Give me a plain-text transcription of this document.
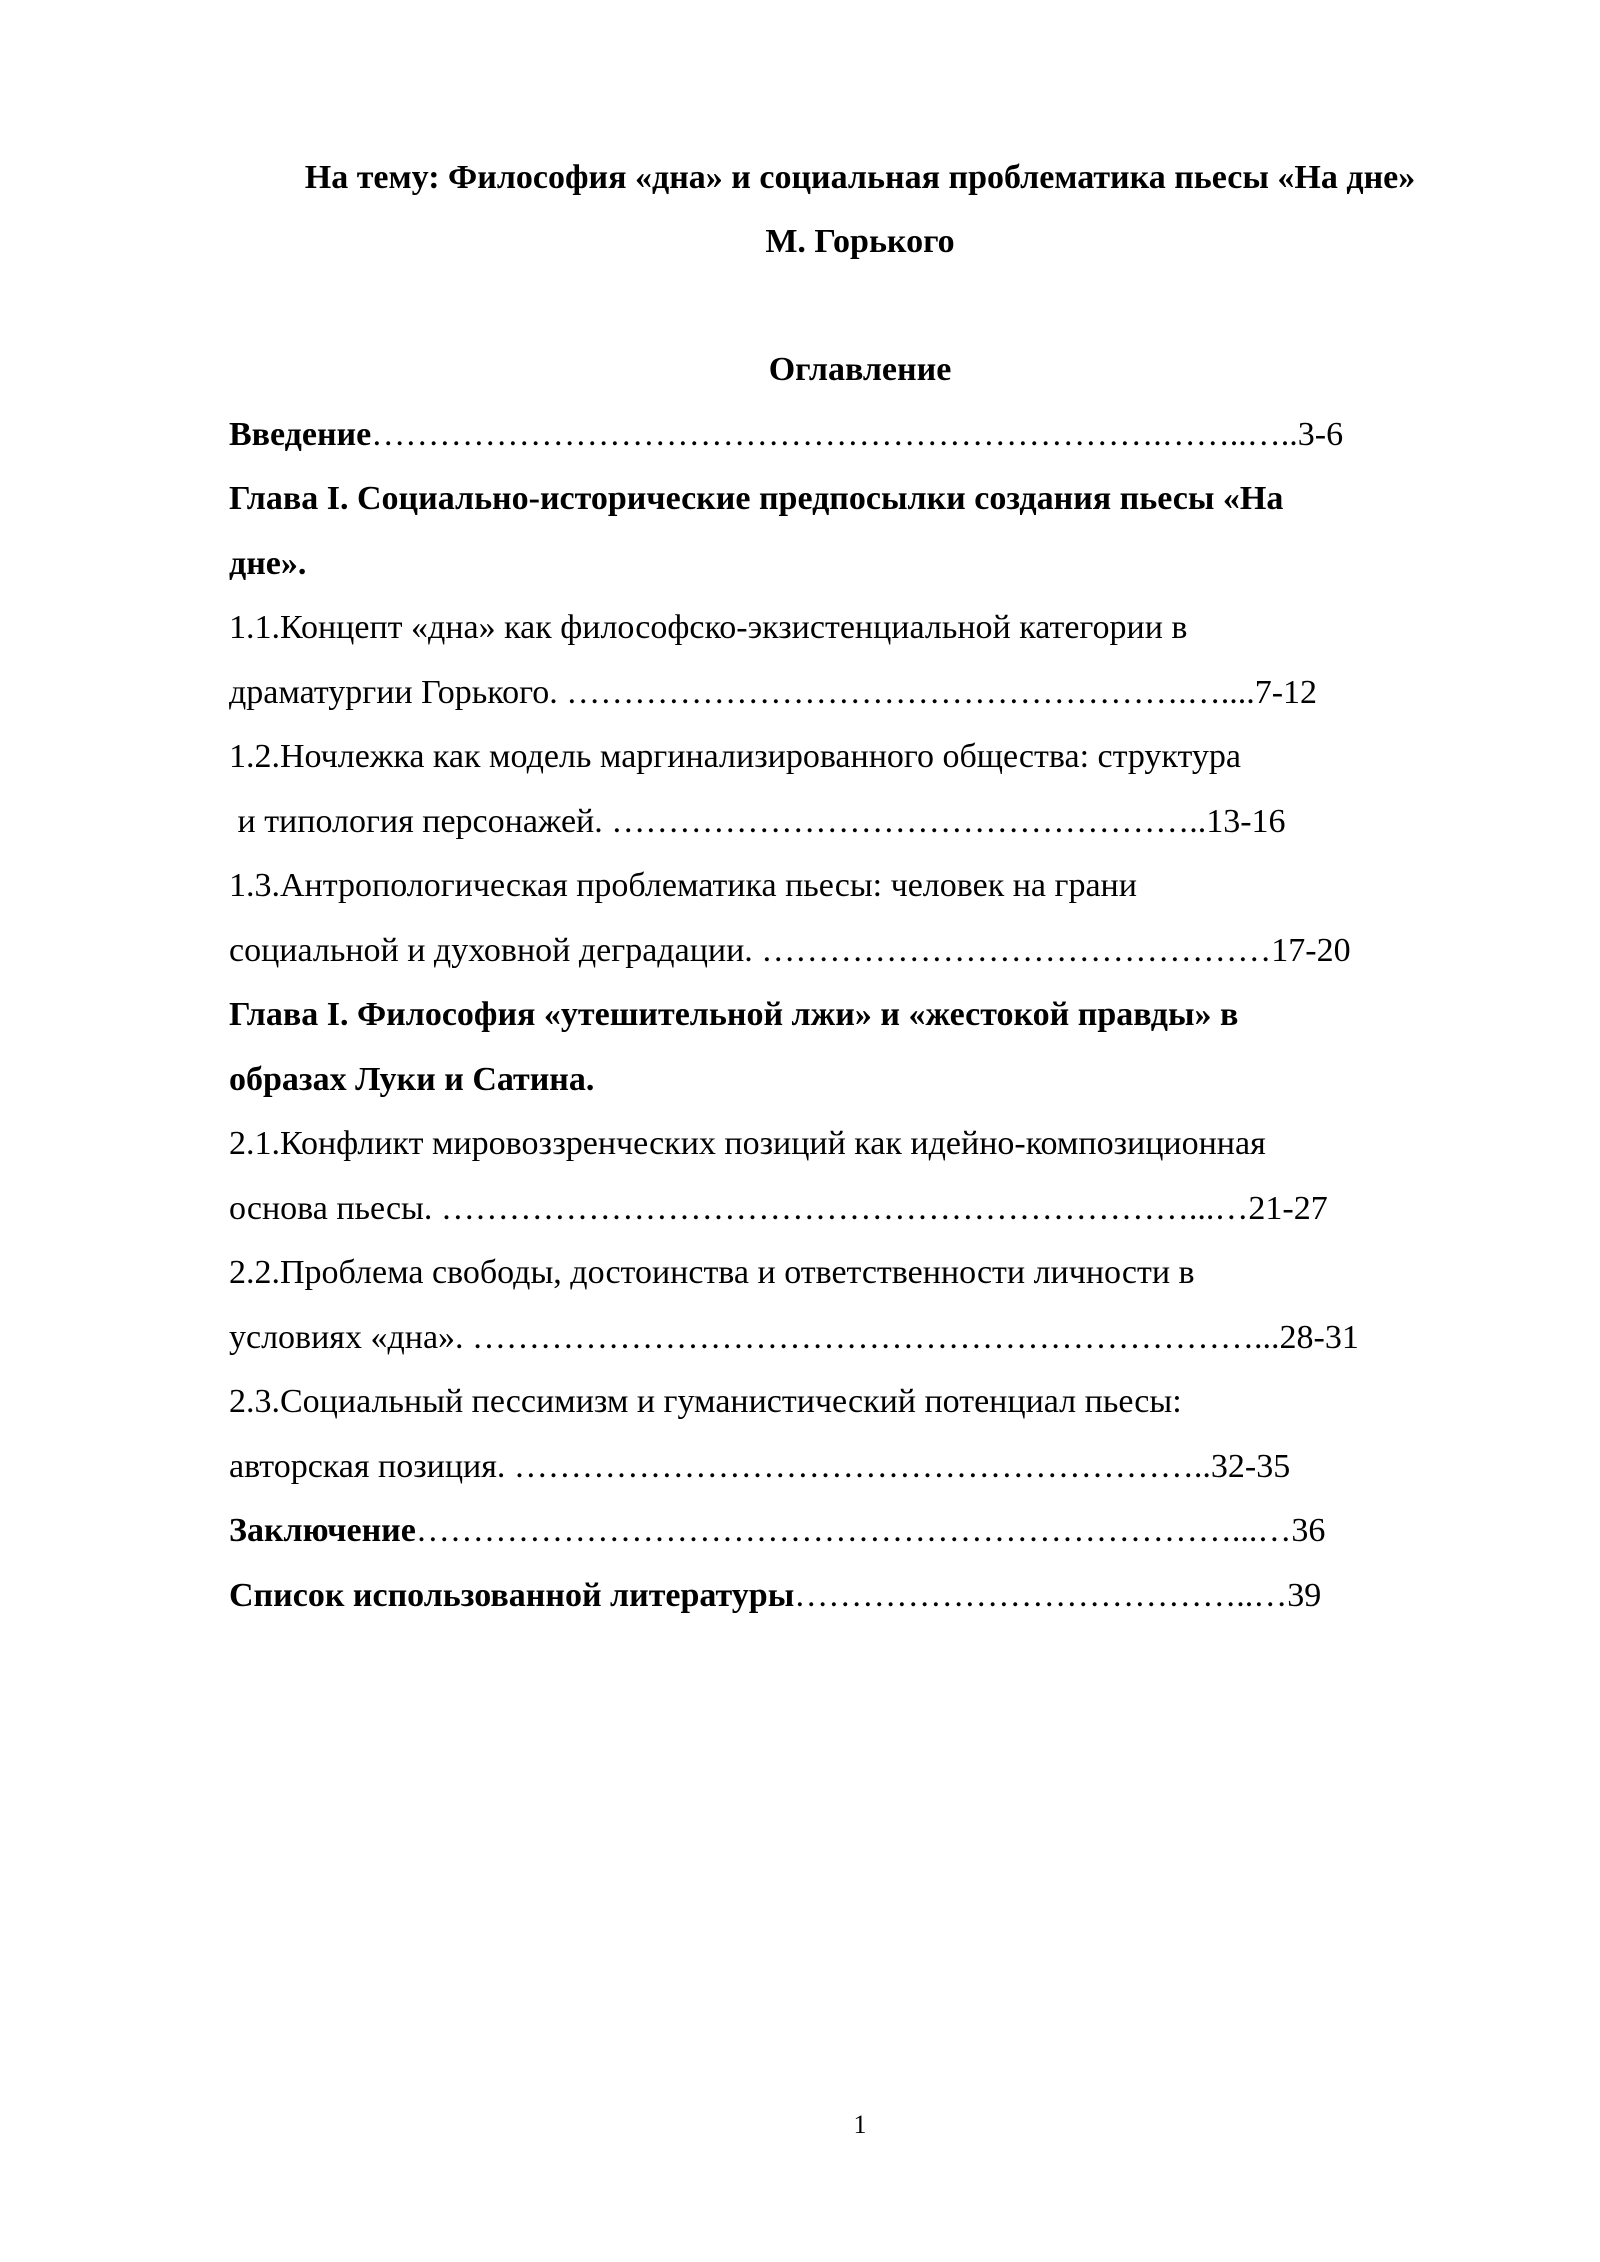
На тему: Философия «дна» и социальная проблематика пьесы «На дне»
М. Горького
Оглавление
Введение…………………………………………………………….……..…..3-6
Глава I. Социально-исторические предпосылки создания пьесы «На
дне».
1.1.Концепт «дна» как философско-экзистенциальной категории в
драматургии Горького. ……………………………………………….…....7-12
1.2.Ночлежка как модель маргинализированного общества: структура
и типология персонажей. ……………………………………………..13-16
1.3.Антропологическая проблематика пьесы: человек на грани
социальной и духовной деградации. ………………………………………17-20
Глава I. Философия «утешительной лжи» и «жестокой правды» в
образах Луки и Сатина.
2.1.Конфликт мировоззренческих позиций как идейно-композиционная
основа пьесы. …………………………………………………………...…21-27
2.2.Проблема свободы, достоинства и ответственности личности в
условиях «дна». ……………………………………………………………...28-31
2.3.Социальный пессимизм и гуманистический потенциал пьесы:
авторская позиция. ……………………………………………………..32-35
Заключение………………………………………………………………...…36
Список использованной литературы…………………………………..…39
1
